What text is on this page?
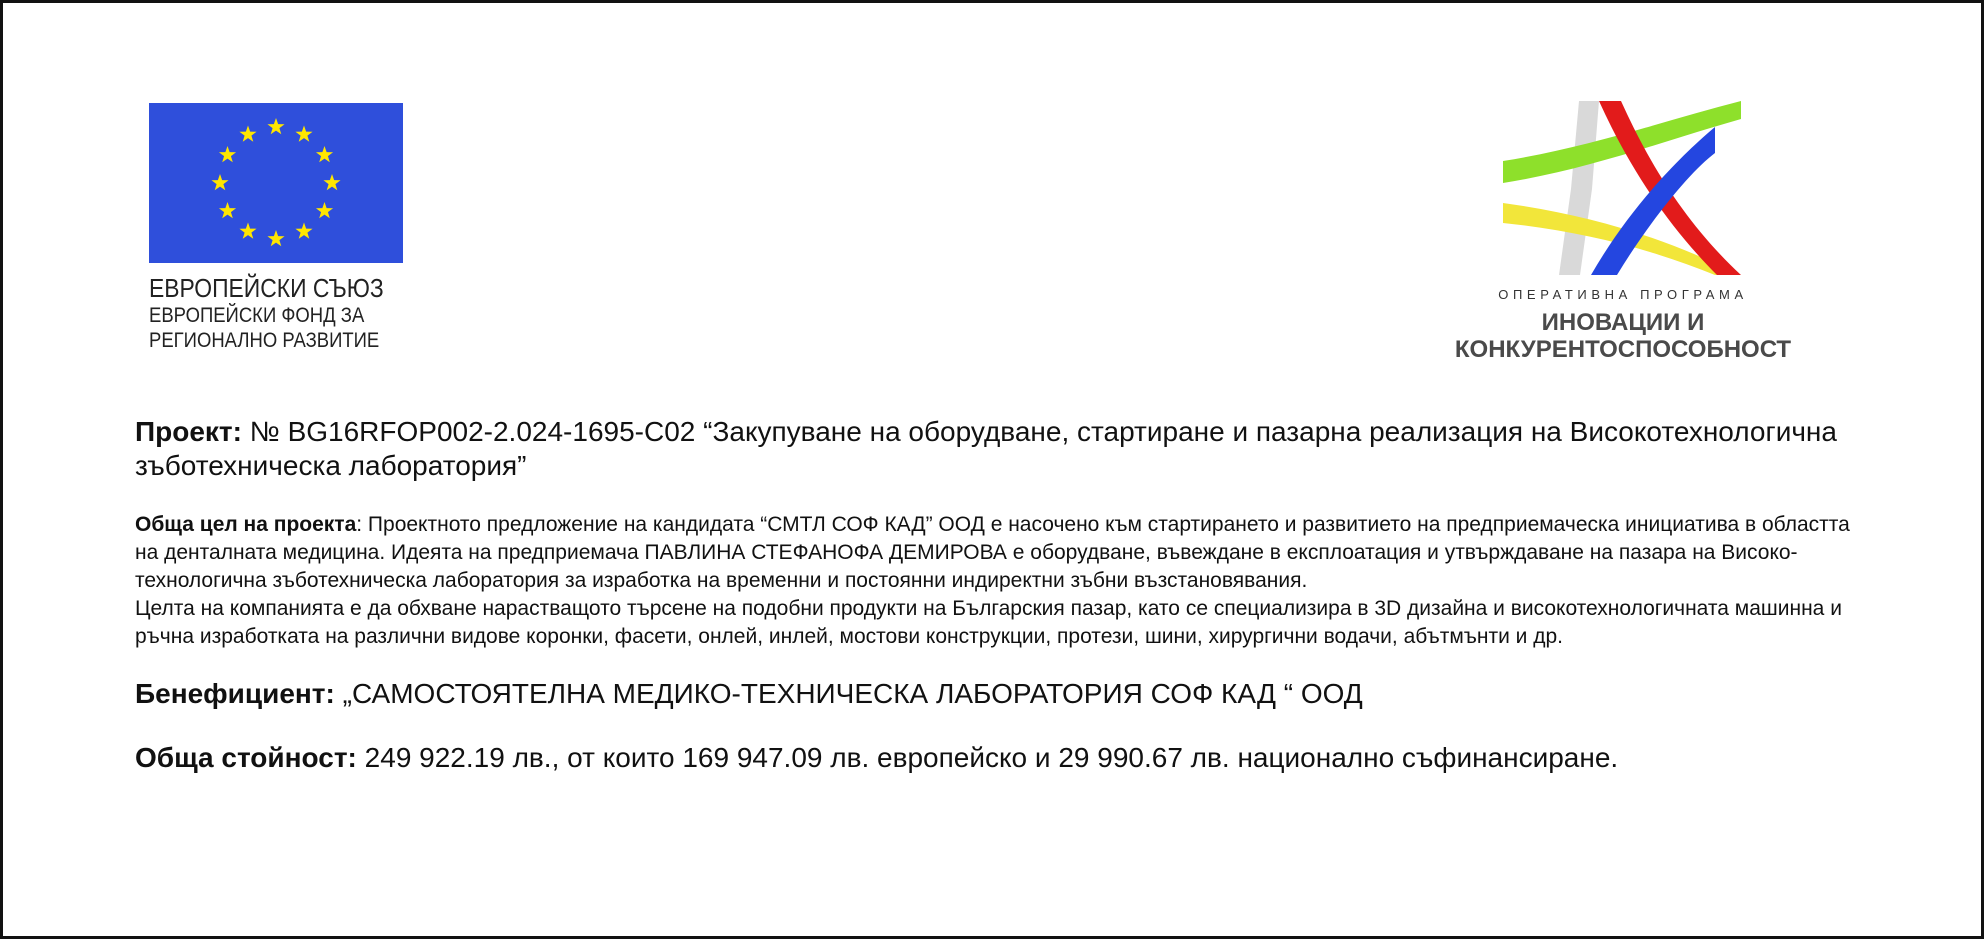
ЕВРОПЕЙСКИ СЪЮЗ
ЕВРОПЕЙСКИ ФОНД ЗА
РЕГИОНАЛНО РАЗВИТИЕ
ОПЕРАТИВНА ПРОГРАМА
ИНОВАЦИИ И
КОНКУРЕНТОСПОСОБНОСТ

Проект: № BG16RFOP002-2.024-1695-C02 “Закупуване на оборудване, стартиране и пазарна реализация на Високотехнологична зъботехническа лаборатория”

Обща цел на проекта: Проектното предложение на кандидата “СМТЛ СОФ КАД” ООД е насочено към стартирането и развитието на предприемаческа инициатива в областта на денталната медицина. Идеята на предприемача ПАВЛИНА СТЕФАНОФА ДЕМИРОВА е оборудване, въвеждане в експлоатация и утвърждаване на пазара на Високо-технологична зъботехническа лаборатория за изработка на временни и постоянни индиректни зъбни възстановявания.
Целта на компанията е да обхване нарастващото търсене на подобни продукти на Българския пазар, като се специализира в 3D дизайна и високотехнологичната машинна и ръчна изработката на различни видове коронки, фасети, онлей, инлей, мостови конструкции, протези, шини, хирургични водачи, абътмънти и др.

Бенефициент: „САМОСТОЯТЕЛНА МЕДИКО-ТЕХНИЧЕСКА ЛАБОРАТОРИЯ СОФ КАД “ ООД

Обща стойност: 249 922.19 лв., от които 169 947.09 лв. европейско и 29 990.67 лв. национално съфинансиране.
